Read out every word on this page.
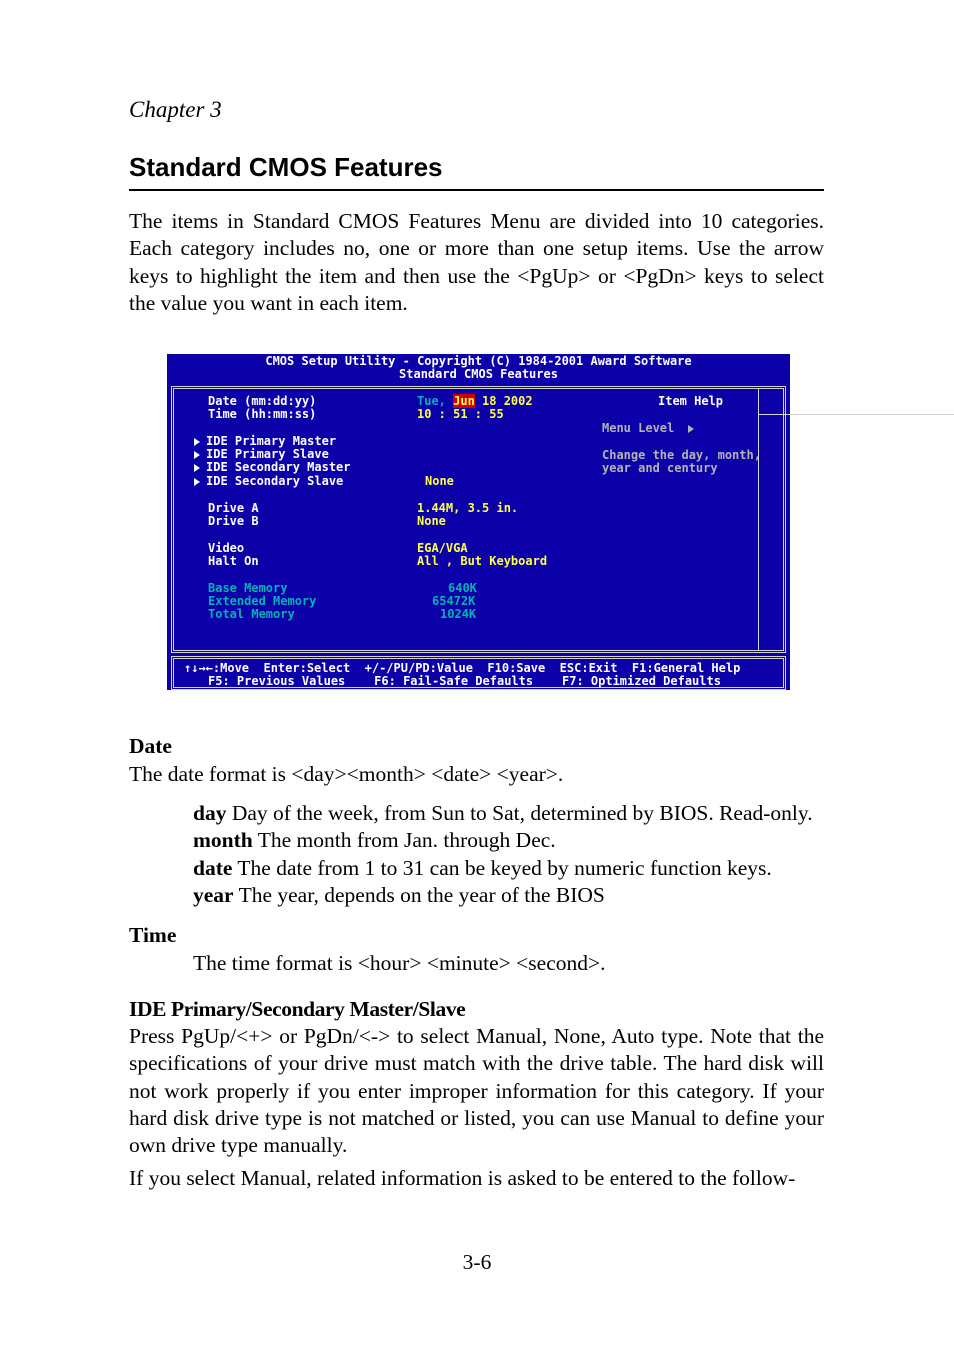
Chapter 3
Standard CMOS Features

The items in Standard CMOS Features Menu are divided into 10 categories. Each category includes no, one or more than one setup items. Use the arrow keys to highlight the item and then use the <PgUp> or <PgDn> keys to select the value you want in each item.

CMOS Setup Utility - Copyright (C) 1984-2001 Award Software
Standard CMOS Features
Date (mm:dd:yy)
Time (hh:mm:ss)
Tue, Jun 18 2002
10 : 51 : 55
IDE Primary Master
IDE Primary Slave
IDE Secondary Master
IDE Secondary Slave	None
Drive A
Drive B
1.44M, 3.5 in.
None
Video
Halt On
EGA/VGA
All , But Keyboard
Base Memory
Extended Memory
Total Memory
640K
65472K
1024K
Item Help
Menu Level
Change the day, month,
year and century
↑↓→←:Move  Enter:Select  +/-/PU/PD:Value  F10:Save  ESC:Exit  F1:General Help
F5: Previous Values    F6: Fail-Safe Defaults    F7: Optimized Defaults
Date

The date format is <day><month> <date> <year>.

day Day of the week, from Sun to Sat, determined by BIOS. Read-only.
month The month from Jan. through Dec.
date The date from 1 to 31 can be keyed by numeric function keys.
year The year, depends on the year of the BIOS
Time

The time format is <hour> <minute> <second>.

IDE Primary/Secondary Master/Slave

Press PgUp/<+> or PgDn/<-> to select Manual, None, Auto type. Note that the specifications of your drive must match with the drive table. The hard disk will not work properly if you enter improper information for this category. If your hard disk drive type is not matched or listed, you can use Manual to define your own drive type manually.

If you select Manual, related information is asked to be entered to the follow-
3-6
